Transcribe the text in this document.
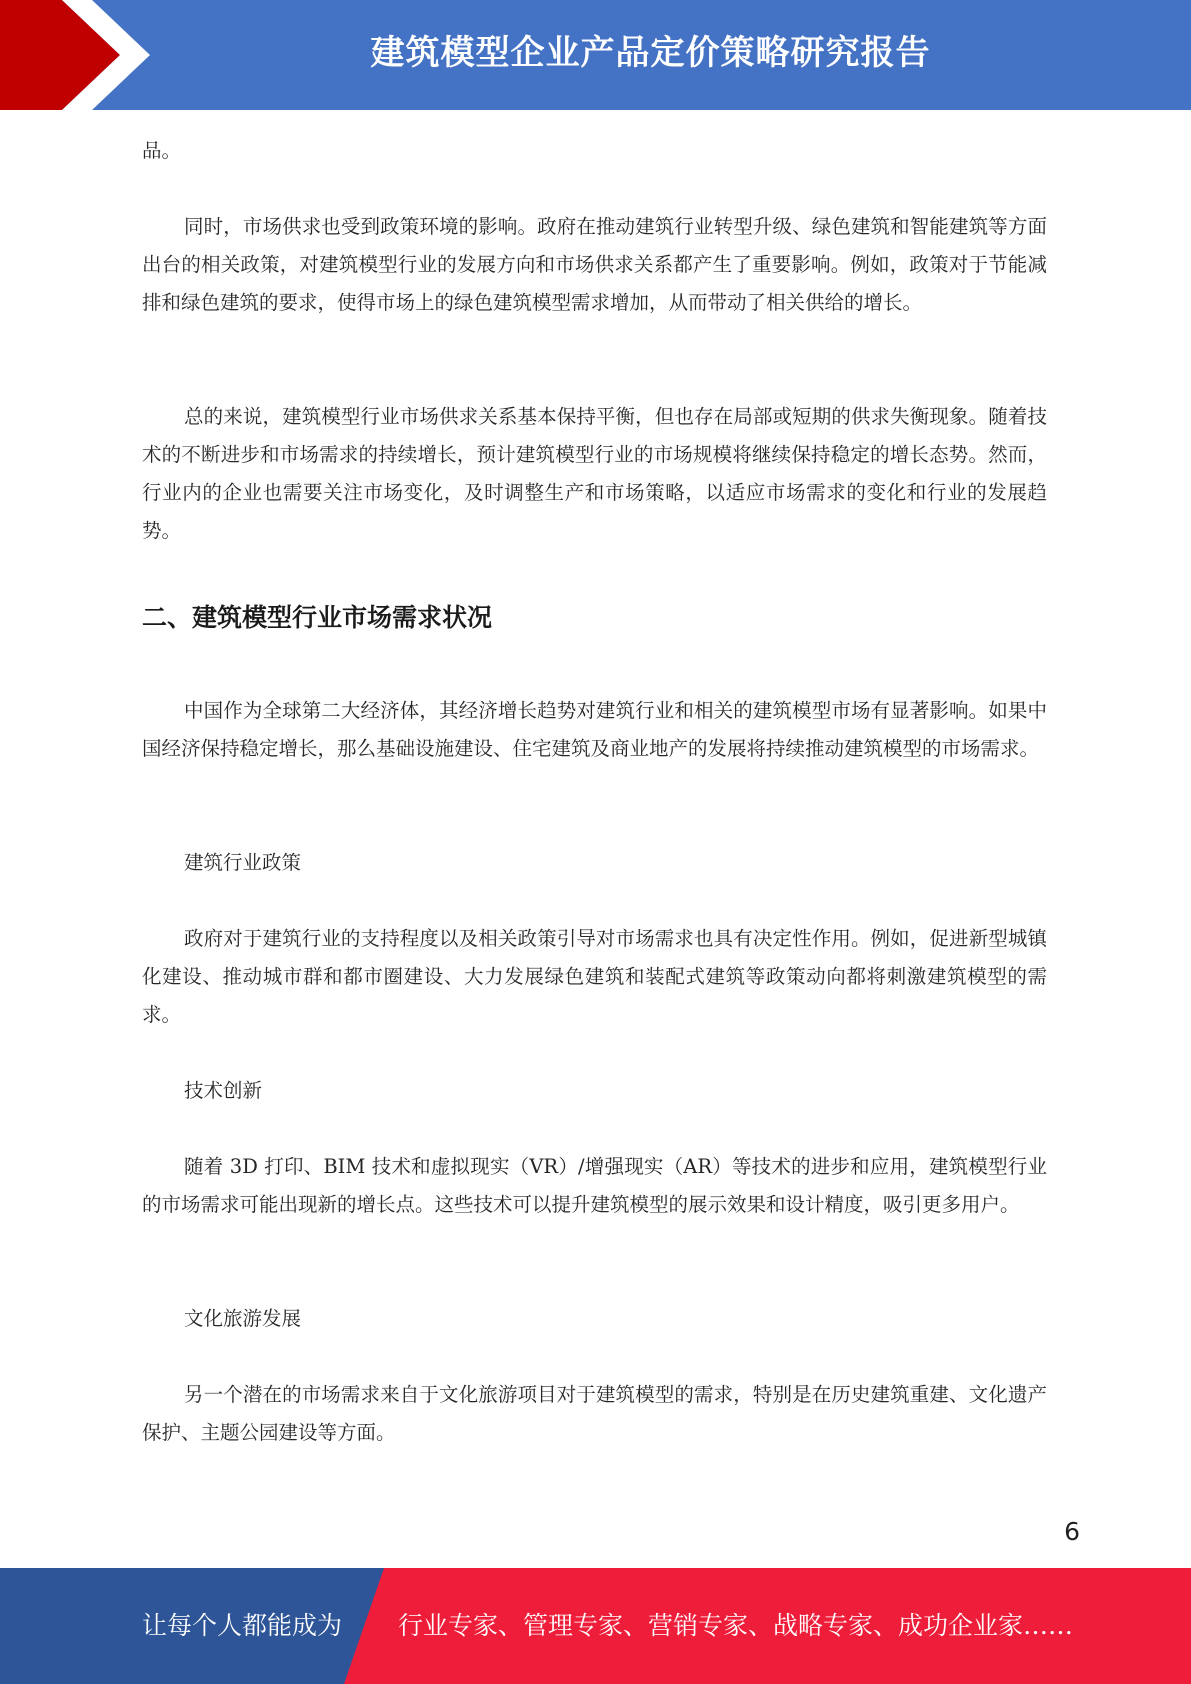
建筑模型企业产品定价策略研究报告

品。

同时，市场供求也受到政策环境的影响。政府在推动建筑行业转型升级、绿色建筑和智能建筑等方面出台的相关政策，对建筑模型行业的发展方向和市场供求关系都产生了重要影响。例如，政策对于节能减排和绿色建筑的要求，使得市场上的绿色建筑模型需求增加，从而带动了相关供给的增长。

总的来说，建筑模型行业市场供求关系基本保持平衡，但也存在局部或短期的供求失衡现象。随着技术的不断进步和市场需求的持续增长，预计建筑模型行业的市场规模将继续保持稳定的增长态势。然而，行业内的企业也需要关注市场变化，及时调整生产和市场策略，以适应市场需求的变化和行业的发展趋势。

二、建筑模型行业市场需求状况

中国作为全球第二大经济体，其经济增长趋势对建筑行业和相关的建筑模型市场有显著影响。如果中国经济保持稳定增长，那么基础设施建设、住宅建筑及商业地产的发展将持续推动建筑模型的市场需求。

建筑行业政策

政府对于建筑行业的支持程度以及相关政策引导对市场需求也具有决定性作用。例如，促进新型城镇化建设、推动城市群和都市圈建设、大力发展绿色建筑和装配式建筑等政策动向都将刺激建筑模型的需求。

技术创新

随着 3D 打印、BIM 技术和虚拟现实（VR）/增强现实（AR）等技术的进步和应用，建筑模型行业的市场需求可能出现新的增长点。这些技术可以提升建筑模型的展示效果和设计精度，吸引更多用户。

文化旅游发展

另一个潜在的市场需求来自于文化旅游项目对于建筑模型的需求，特别是在历史建筑重建、文化遗产保护、主题公园建设等方面。

6
让每个人都能成为 行业专家、管理专家、营销专家、战略专家、成功企业家……
